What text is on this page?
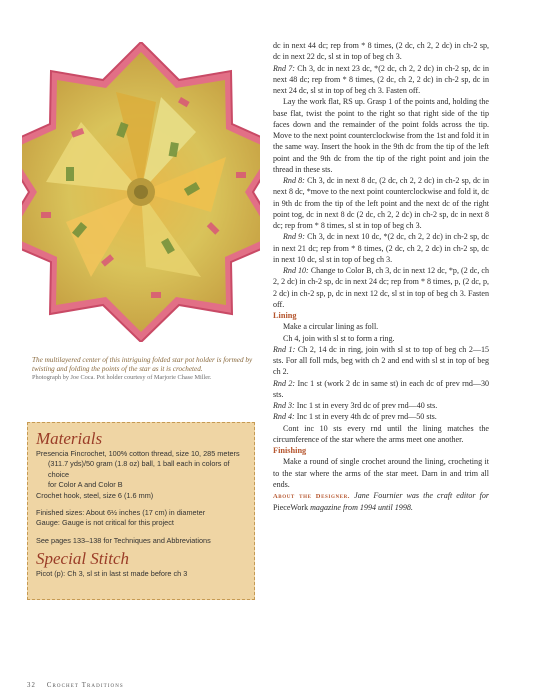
The multilayered center of this intriguing folded star pot holder is formed by twisting and folding the points of the star as it is crocheted.
Photograph by Joe Coca. Pot holder courtesy of Marjorie Chase Miller.
Materials

Presencia Fincrochet, 100% cotton thread, size 10, 285 meters

(311.7 yds)/50 gram (1.8 oz) ball, 1 ball each in colors of choice

for Color A and Color B

Crochet hook, steel, size 6 (1.6 mm)

Finished sizes: About 6½ inches (17 cm) in diameter

Gauge: Gauge is not critical for this project

See pages 133–138 for Techniques and Abbreviations

Special Stitch

Picot (p): Ch 3, sl st in last st made before ch 3

dc in next 44 dc; rep from * 8 times, (2 dc, ch 2, 2 dc) in ch-2 sp, dc in next 22 dc, sl st in top of beg ch 3.

Rnd 7: Ch 3, dc in next 23 dc, *(2 dc, ch 2, 2 dc) in ch-2 sp, dc in next 48 dc; rep from * 8 times, (2 dc, ch 2, 2 dc) in ch-2 sp, dc in next 24 dc, sl st in top of beg ch 3. Fasten off.

Lay the work flat, RS up. Grasp 1 of the points and, holding the base flat, twist the point to the right so that right side of the tip faces down and the remainder of the point folds across the tip. Move to the next point counterclockwise from the 1st and fold it in the same way. Insert the hook in the 9th dc from the tip of the left point and the 9th dc from the tip of the right point and join the thread in these sts.

Rnd 8: Ch 3, dc in next 8 dc, (2 dc, ch 2, 2 dc) in ch-2 sp, dc in next 8 dc, *move to the next point counterclockwise and fold it, dc in 9th dc from the tip of the left point and the next dc of the right point tog, dc in next 8 dc (2 dc, ch 2, 2 dc) in ch-2 sp, dc in next 8 dc; rep from * 8 times, sl st in top of beg ch 3.

Rnd 9: Ch 3, dc in next 10 dc, *(2 dc, ch 2, 2 dc) in ch-2 sp, dc in next 21 dc; rep from * 8 times, (2 dc, ch 2, 2 dc) in ch-2 sp, dc in next 10 dc, sl st in top of beg ch 3.

Rnd 10: Change to Color B, ch 3, dc in next 12 dc, *p, (2 dc, ch 2, 2 dc) in ch-2 sp, dc in next 24 dc; rep from * 8 times, p, (2 dc, p, 2 dc) in ch-2 sp, p, dc in next 12 dc, sl st in top of beg ch 3. Fasten off.

Lining

Make a circular lining as foll.

Ch 4, join with sl st to form a ring.

Rnd 1: Ch 2, 14 dc in ring, join with sl st to top of beg ch 2—15 sts. For all foll rnds, beg with ch 2 and end with sl st in top of beg ch 2.

Rnd 2: Inc 1 st (work 2 dc in same st) in each dc of prev rnd—30 sts.

Rnd 3: Inc 1 st in every 3rd dc of prev rnd—40 sts.

Rnd 4: Inc 1 st in every 4th dc of prev rnd—50 sts.

Cont inc 10 sts every rnd until the lining matches the circumference of the star where the arms meet one another.

Finishing

Make a round of single crochet around the lining, crocheting it to the star where the arms of the star meet. Darn in and trim all ends.

About the Designer. Jane Fournier was the craft editor for PieceWork magazine from 1994 until 1998.

32 Crochet Traditions
